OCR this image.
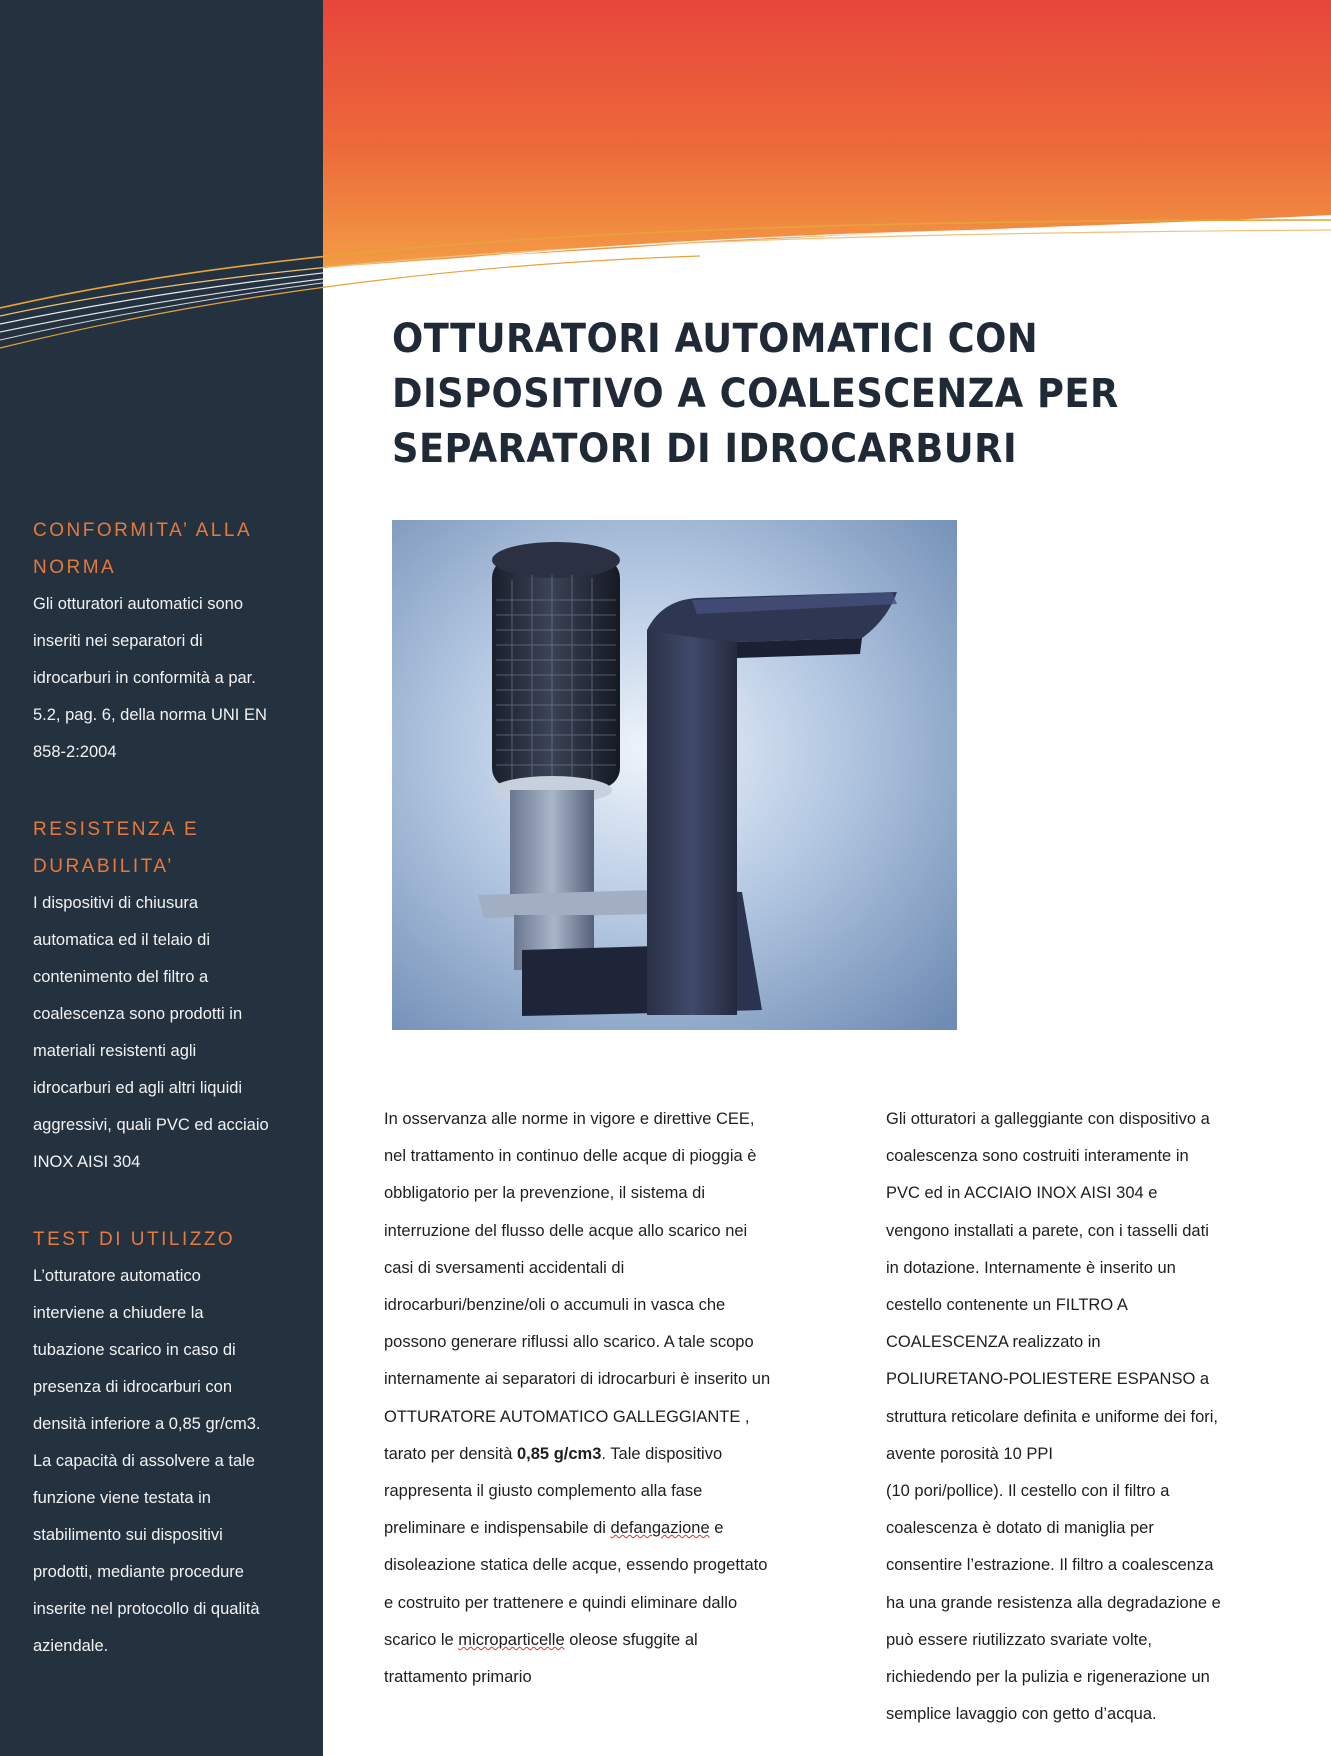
CONFORMITA’ ALLA
NORMA

Gli otturatori automatici sono
inseriti nei separatori di
idrocarburi in conformità a par.
5.2, pag. 6, della norma UNI EN
858-2:2004

RESISTENZA E
DURABILITA’

I dispositivi di chiusura
automatica ed il telaio di
contenimento del filtro a
coalescenza sono prodotti in
materiali resistenti agli
idrocarburi ed agli altri liquidi
aggressivi, quali PVC ed acciaio
INOX AISI 304

TEST DI UTILIZZO

L’otturatore automatico
interviene a chiudere la
tubazione scarico in caso di
presenza di idrocarburi con
densità inferiore a 0,85 gr/cm3.
La capacità di assolvere a tale
funzione viene testata in
stabilimento sui dispositivi
prodotti, mediante procedure
inserite nel protocollo di qualità
aziendale.

OTTURATORI AUTOMATICI CON
DISPOSITIVO A COALESCENZA PER
SEPARATORI DI IDROCARBURI

In osservanza alle norme in vigore e direttive CEE,
nel trattamento in continuo delle acque di pioggia è
obbligatorio per la prevenzione, il sistema di
interruzione del flusso delle acque allo scarico nei
casi di sversamenti accidentali di
idrocarburi/benzine/oli o accumuli in vasca che
possono generare riflussi allo scarico. A tale scopo
internamente ai separatori di idrocarburi è inserito un
OTTURATORE AUTOMATICO GALLEGGIANTE ,
tarato per densità 0,85 g/cm3. Tale dispositivo
rappresenta il giusto complemento alla fase
preliminare e indispensabile di defangazione e
disoleazione statica delle acque, essendo progettato
e costruito per trattenere e quindi eliminare dallo
scarico le microparticelle oleose sfuggite al
trattamento primario

Gli otturatori a galleggiante con dispositivo a
coalescenza sono costruiti interamente in
PVC ed in ACCIAIO INOX AISI 304 e
vengono installati a parete, con i tasselli dati
in dotazione. Internamente è inserito un
cestello contenente un FILTRO A
COALESCENZA realizzato in
POLIURETANO-POLIESTERE ESPANSO a
struttura reticolare definita e uniforme dei fori,
avente porosità 10 PPI
(10 pori/pollice). Il cestello con il filtro a
coalescenza è dotato di maniglia per
consentire l’estrazione. Il filtro a coalescenza
ha una grande resistenza alla degradazione e
può essere riutilizzato svariate volte,
richiedendo per la pulizia e rigenerazione un
semplice lavaggio con getto d’acqua.
